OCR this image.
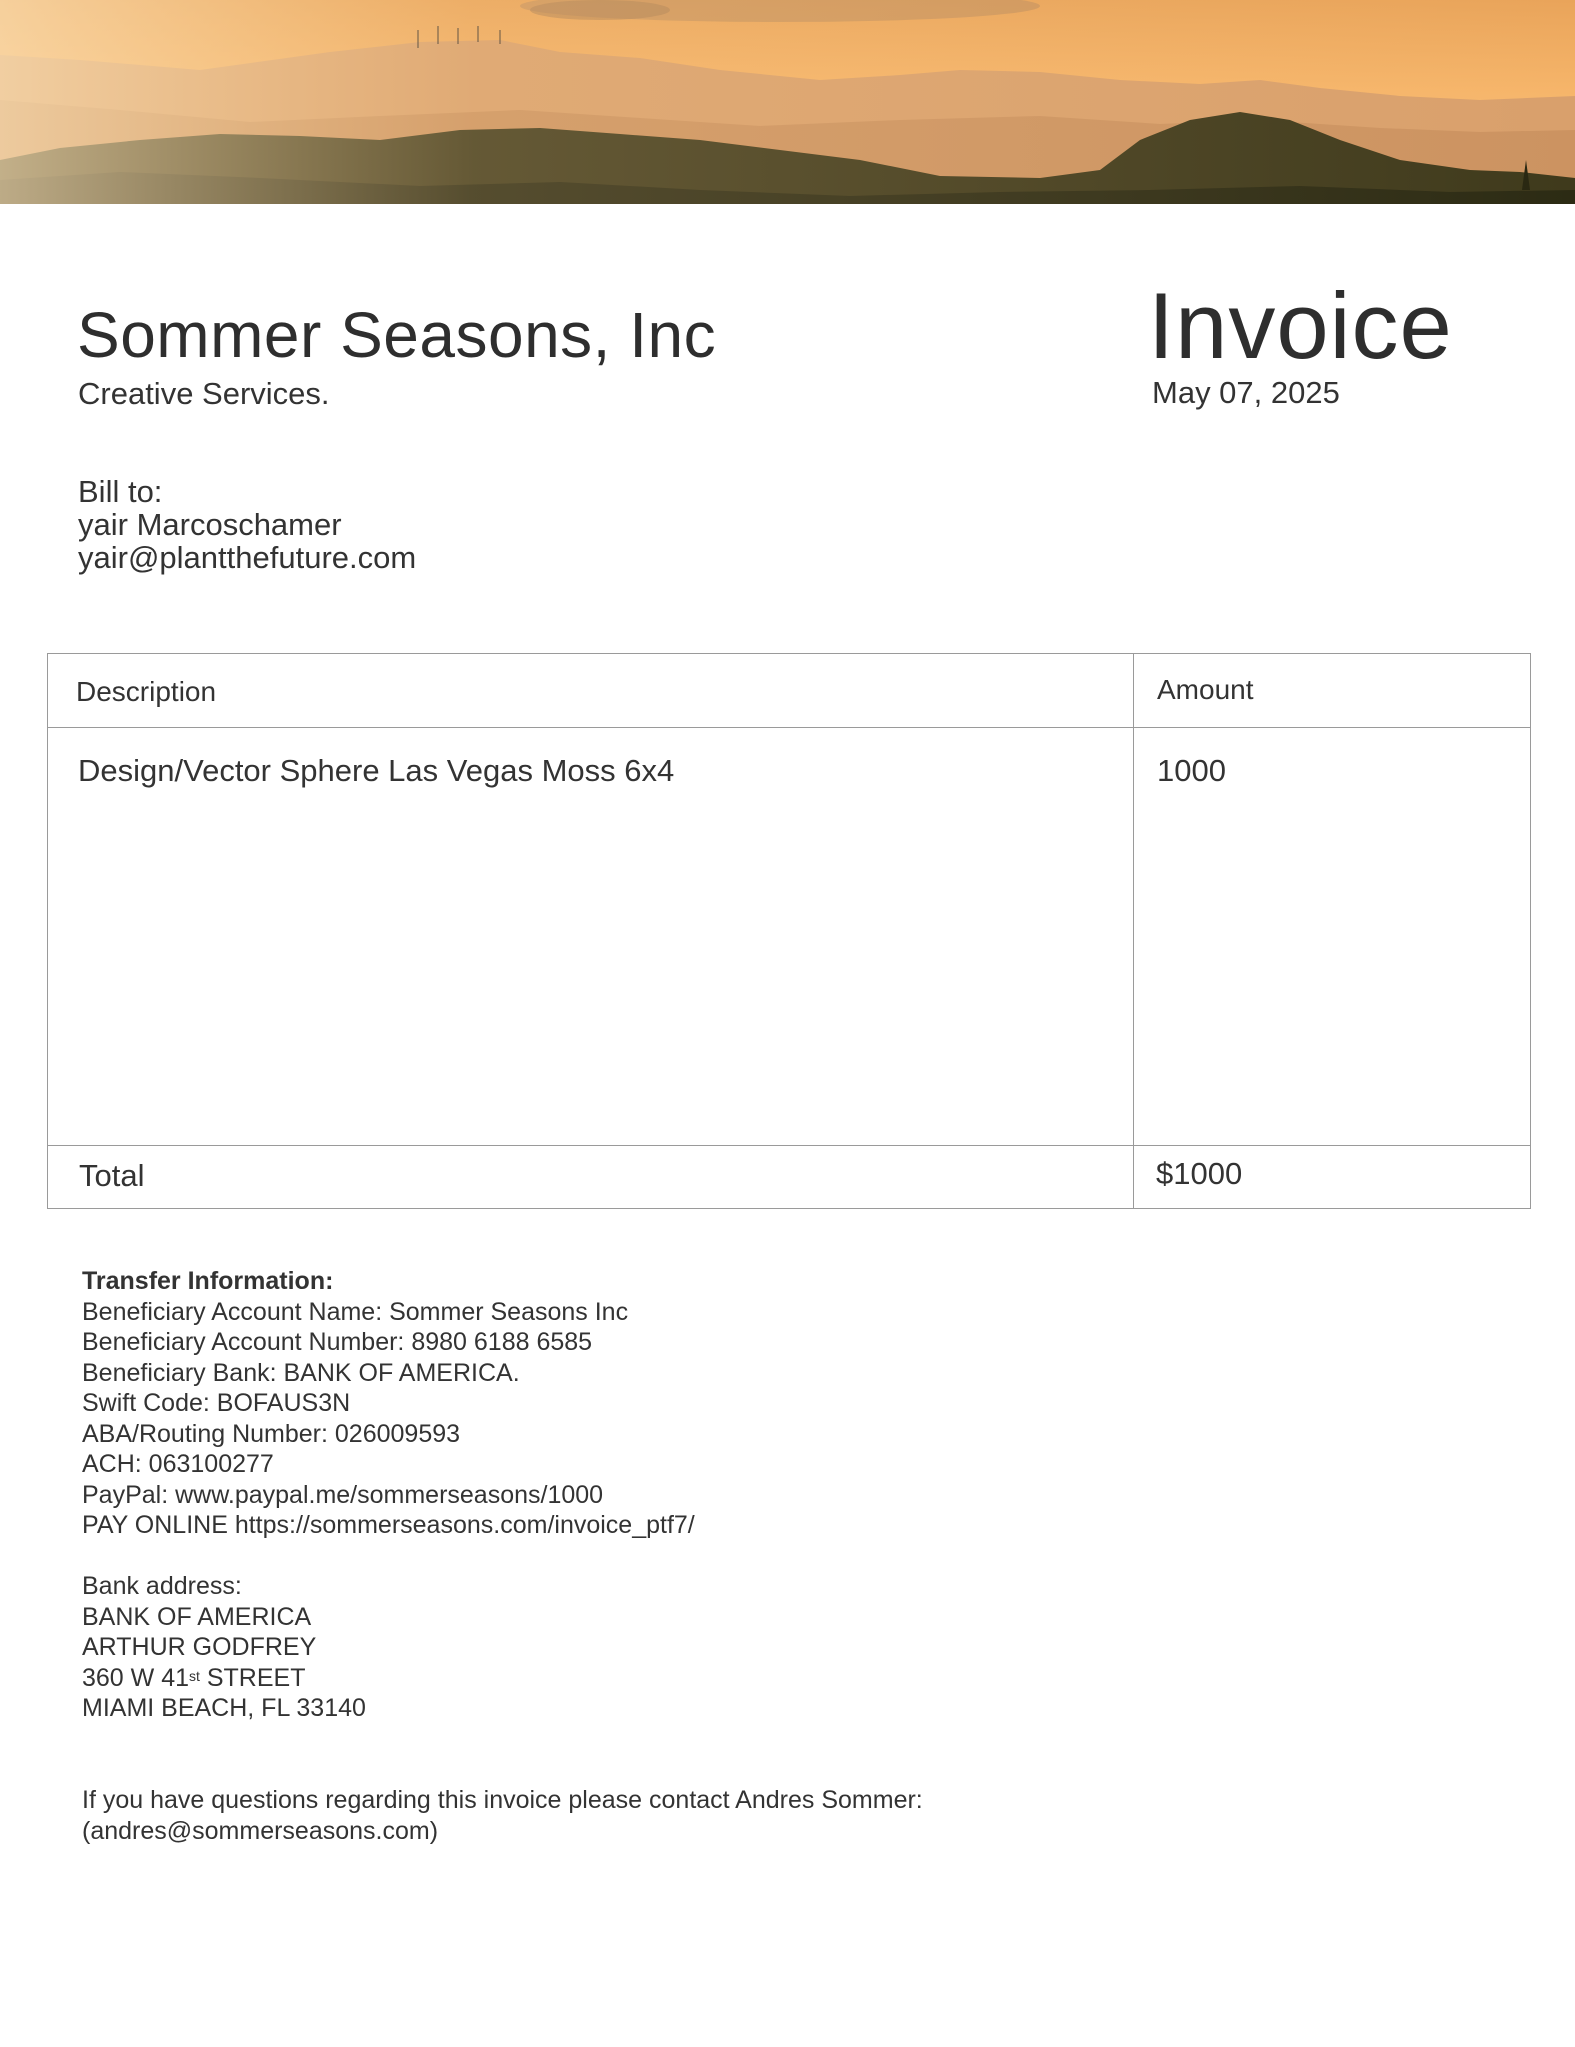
Sommer Seasons, Inc
Creative Services.
Invoice
May 07, 2025
Bill to:
yair Marcoschamer
yair@plantthefuture.com
Description	Amount
Design/Vector Sphere Las Vegas Moss 6x4	1000
Total	$1000
Transfer Information:
Beneficiary Account Name: Sommer Seasons Inc
Beneficiary Account Number: 8980 6188 6585
Beneficiary Bank: BANK OF AMERICA.
Swift Code: BOFAUS3N
ABA/Routing Number: 026009593
ACH: 063100277
PayPal: www.paypal.me/sommerseasons/1000
PAY ONLINE https://sommerseasons.com/invoice_ptf7/
Bank address:
BANK OF AMERICA
ARTHUR GODFREY
360 W 41st STREET
MIAMI BEACH, FL 33140
If you have questions regarding this invoice please contact Andres Sommer:
(andres@sommerseasons.com)
